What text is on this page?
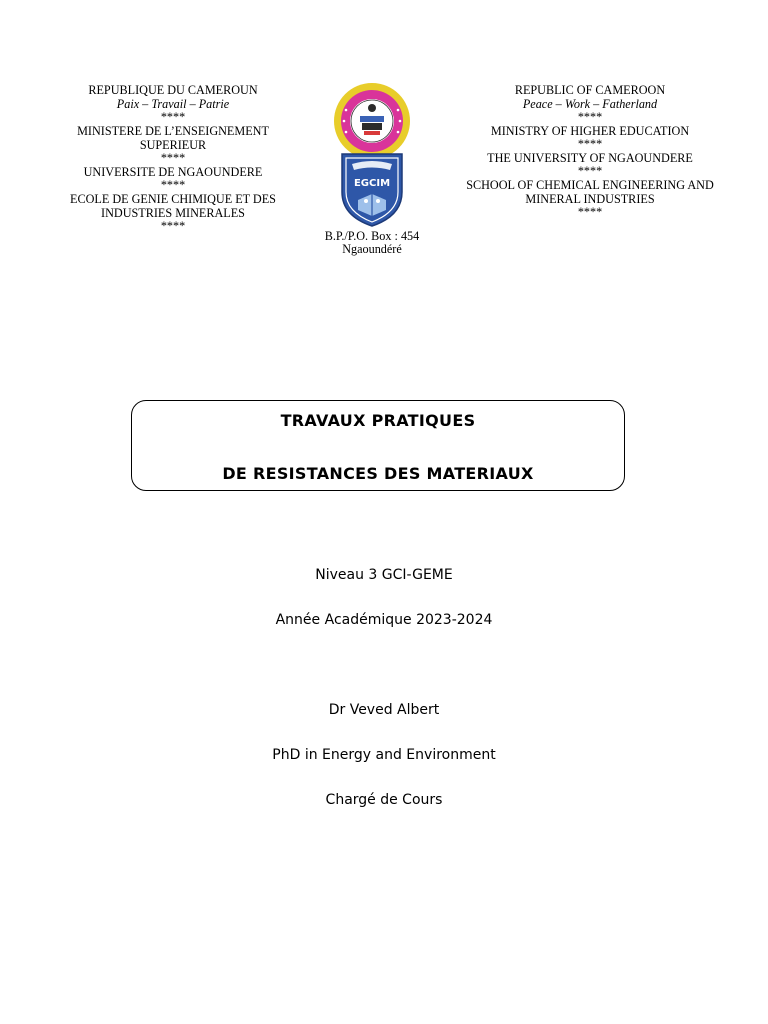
REPUBLIQUE DU CAMEROUN
Paix – Travail – Patrie
****
MINISTERE DE L’ENSEIGNEMENT SUPERIEUR
****
UNIVERSITE DE NGAOUNDERE
****
ECOLE DE GENIE CHIMIQUE ET DES INDUSTRIES MINERALES
****
EGCIM
B.P./P.O. Box : 454
Ngaoundéré
REPUBLIC OF CAMEROON
Peace – Work – Fatherland
****
MINISTRY OF HIGHER EDUCATION
****
THE UNIVERSITY OF NGAOUNDERE
****
SCHOOL OF CHEMICAL ENGINEERING AND MINERAL INDUSTRIES
****
TRAVAUX PRATIQUES
DE RESISTANCES DES MATERIAUX
Niveau 3 GCI-GEME
Année Académique 2023-2024
Dr Veved Albert
PhD in Energy and Environment
Chargé de Cours
